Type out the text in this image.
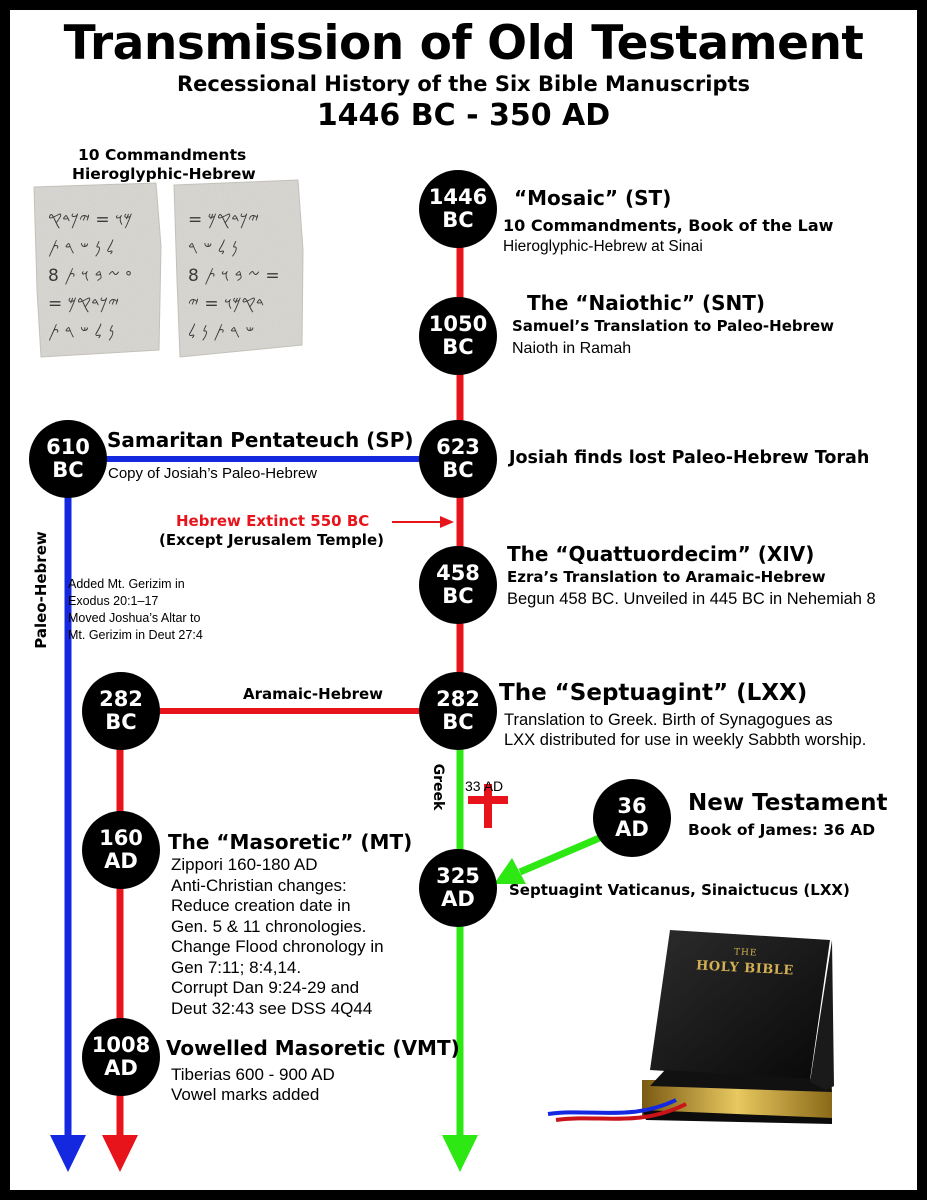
Transmission of Old Testament
Recessional History of the Six Bible Manuscripts
1446 BC - 350 AD
10 Commandments
Hieroglyphic-Hebrew
𐤌𐤅 = 𐤉𐤊𐤃𐤒
𐤋 𐤍 𐤔 𐤓 𐤕
𐤏 𐤆 𐤁 𐤅 𐤕 8
= 𐤉𐤊𐤃𐤒𐤌
𐤍 𐤋 𐤔 𐤓 𐤕
= 𐤉𐤊𐤃𐤒𐤌
𐤍 𐤋 𐤔 𐤓
𐤆 𐤁 𐤅 𐤕 8 =
𐤃𐤒𐤌𐤅 = 𐤉
𐤔 𐤓 𐤕 𐤍 𐤋
1446
BC
1050
BC
623
BC
610
BC
458
BC
282
BC
282
BC
160
AD
1008
AD
36
AD
325
AD
“Mosaic” (ST)
10 Commandments, Book of the Law
Hieroglyphic-Hebrew at Sinai
The “Naiothic” (SNT)
Samuel’s Translation to Paleo-Hebrew
Naioth in Ramah
Josiah finds lost Paleo-Hebrew Torah
Samaritan Pentateuch (SP)
Copy of Josiah’s Paleo-Hebrew
Hebrew Extinct 550 BC
(Except Jerusalem Temple)
The “Quattuordecim” (XIV)
Ezra’s Translation to Aramaic-Hebrew
Begun 458 BC. Unveiled in 445 BC in Nehemiah 8
Added Mt. Gerizim in
Exodus 20:1–17
Moved Joshua’s Altar to
Mt. Gerizim in Deut 27:4
Paleo-Hebrew
Aramaic-Hebrew
Greek
The “Septuagint” (LXX)
Translation to Greek. Birth of Synagogues as
LXX distributed for use in weekly Sabbth worship.
33 AD
New Testament
Book of James: 36 AD
The “Masoretic” (MT)
Zippori 160-180 AD
Anti-Christian changes:
Reduce creation date in
Gen. 5 & 11 chronologies.
Change Flood chronology in
Gen 7:11; 8:4,14.
Corrupt Dan 9:24-29 and
Deut 32:43 see DSS 4Q44
Septuagint Vaticanus, Sinaictucus (LXX)
Vowelled Masoretic (VMT)
Tiberias 600 - 900 AD
Vowel marks added
THE
HOLY BIBLE
